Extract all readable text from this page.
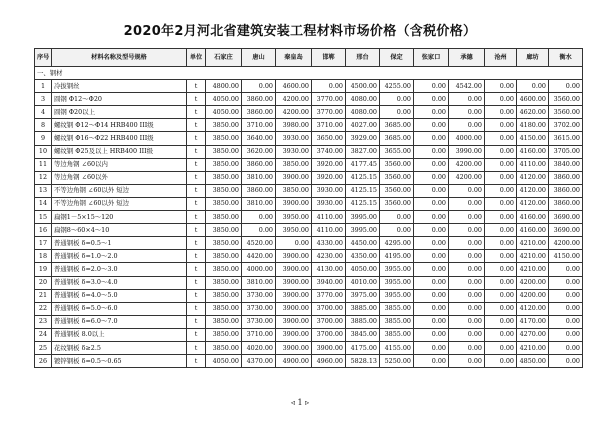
2020年2月河北省建筑安装工程材料市场价格（含税价格）
序号	材料名称及型号规格	单位	石家庄	唐山	秦皇岛	邯郸	邢台	保定	张家口	承德	沧州	廊坊	衡水
一、钢材													
1	冷拔钢丝	t	4800.00	0.00	4600.00	0.00	4500.00	4255.00	0.00	4542.00	0.00	0.00	0.00
3	圆钢 Φ12～Φ20	t	4050.00	3860.00	4200.00	3770.00	4080.00	0.00	0.00	0.00	0.00	4600.00	3560.00
4	圆钢 Φ20以上	t	4050.00	3860.00	4200.00	3770.00	4080.00	0.00	0.00	0.00	0.00	4620.00	3560.00
8	螺纹钢 Φ12～Φ14 HRB400 III级	t	3850.00	3710.00	3980.00	3710.00	4027.00	3685.00	0.00	0.00	0.00	4180.00	3702.00
9	螺纹钢 Φ16～Φ22 HRB400 III级	t	3850.00	3640.00	3930.00	3650.00	3929.00	3685.00	0.00	4000.00	0.00	4150.00	3615.00
10	螺纹钢 Φ25及以上 HRB400 III级	t	3850.00	3620.00	3930.00	3740.00	3827.00	3655.00	0.00	3990.00	0.00	4160.00	3705.00
11	等边角钢 ∠60以内	t	3850.00	3860.00	3850.00	3920.00	4177.45	3560.00	0.00	4200.00	0.00	4110.00	3840.00
12	等边角钢 ∠60以外	t	3850.00	3810.00	3900.00	3920.00	4125.15	3560.00	0.00	4200.00	0.00	4120.00	3860.00
13	不等边角钢 ∠60以外 短边	t	3850.00	3860.00	3850.00	3930.00	4125.15	3560.00	0.00	0.00	0.00	4120.00	3860.00
14	不等边角钢 ∠60以外 短边	t	3850.00	3810.00	3900.00	3930.00	4125.15	3560.00	0.00	0.00	0.00	4120.00	3860.00
15	扁钢1－5×15～120	t	3850.00	0.00	3950.00	4110.00	3995.00	0.00	0.00	0.00	0.00	4160.00	3690.00
16	扁钢8～60×4～10	t	3850.00	0.00	3950.00	4110.00	3995.00	0.00	0.00	0.00	0.00	4160.00	3690.00
17	普通钢板 δ=0.5～1	t	3850.00	4520.00	0.00	4330.00	4450.00	4295.00	0.00	0.00	0.00	4210.00	4200.00
18	普通钢板 δ=1.0～2.0	t	3850.00	4420.00	3900.00	4230.00	4350.00	4195.00	0.00	0.00	0.00	4210.00	4150.00
19	普通钢板 δ=2.0～3.0	t	3850.00	4000.00	3900.00	4130.00	4050.00	3955.00	0.00	0.00	0.00	4210.00	0.00
20	普通钢板 δ=3.0～4.0	t	3850.00	3810.00	3900.00	3940.00	4010.00	3955.00	0.00	0.00	0.00	4200.00	0.00
21	普通钢板 δ=4.0～5.0	t	3850.00	3730.00	3900.00	3770.00	3975.00	3955.00	0.00	0.00	0.00	4200.00	0.00
22	普通钢板 δ=5.0～6.0	t	3850.00	3730.00	3900.00	3700.00	3885.00	3855.00	0.00	0.00	0.00	4120.00	0.00
23	普通钢板 δ=6.0～7.0	t	3850.00	3730.00	3900.00	3700.00	3885.00	3855.00	0.00	0.00	0.00	4170.00	0.00
24	普通钢板 8.0以上	t	3850.00	3710.00	3900.00	3700.00	3845.00	3855.00	0.00	0.00	0.00	4270.00	0.00
25	花纹钢板 δ≥2.5	t	3850.00	4020.00	3900.00	3900.00	4175.00	4155.00	0.00	0.00	0.00	4210.00	0.00
26	镀锌钢板 δ=0.5～0.65	t	4050.00	4370.00	4900.00	4960.00	5828.13	5250.00	0.00	0.00	0.00	4850.00	0.00
◃ 1 ▹
